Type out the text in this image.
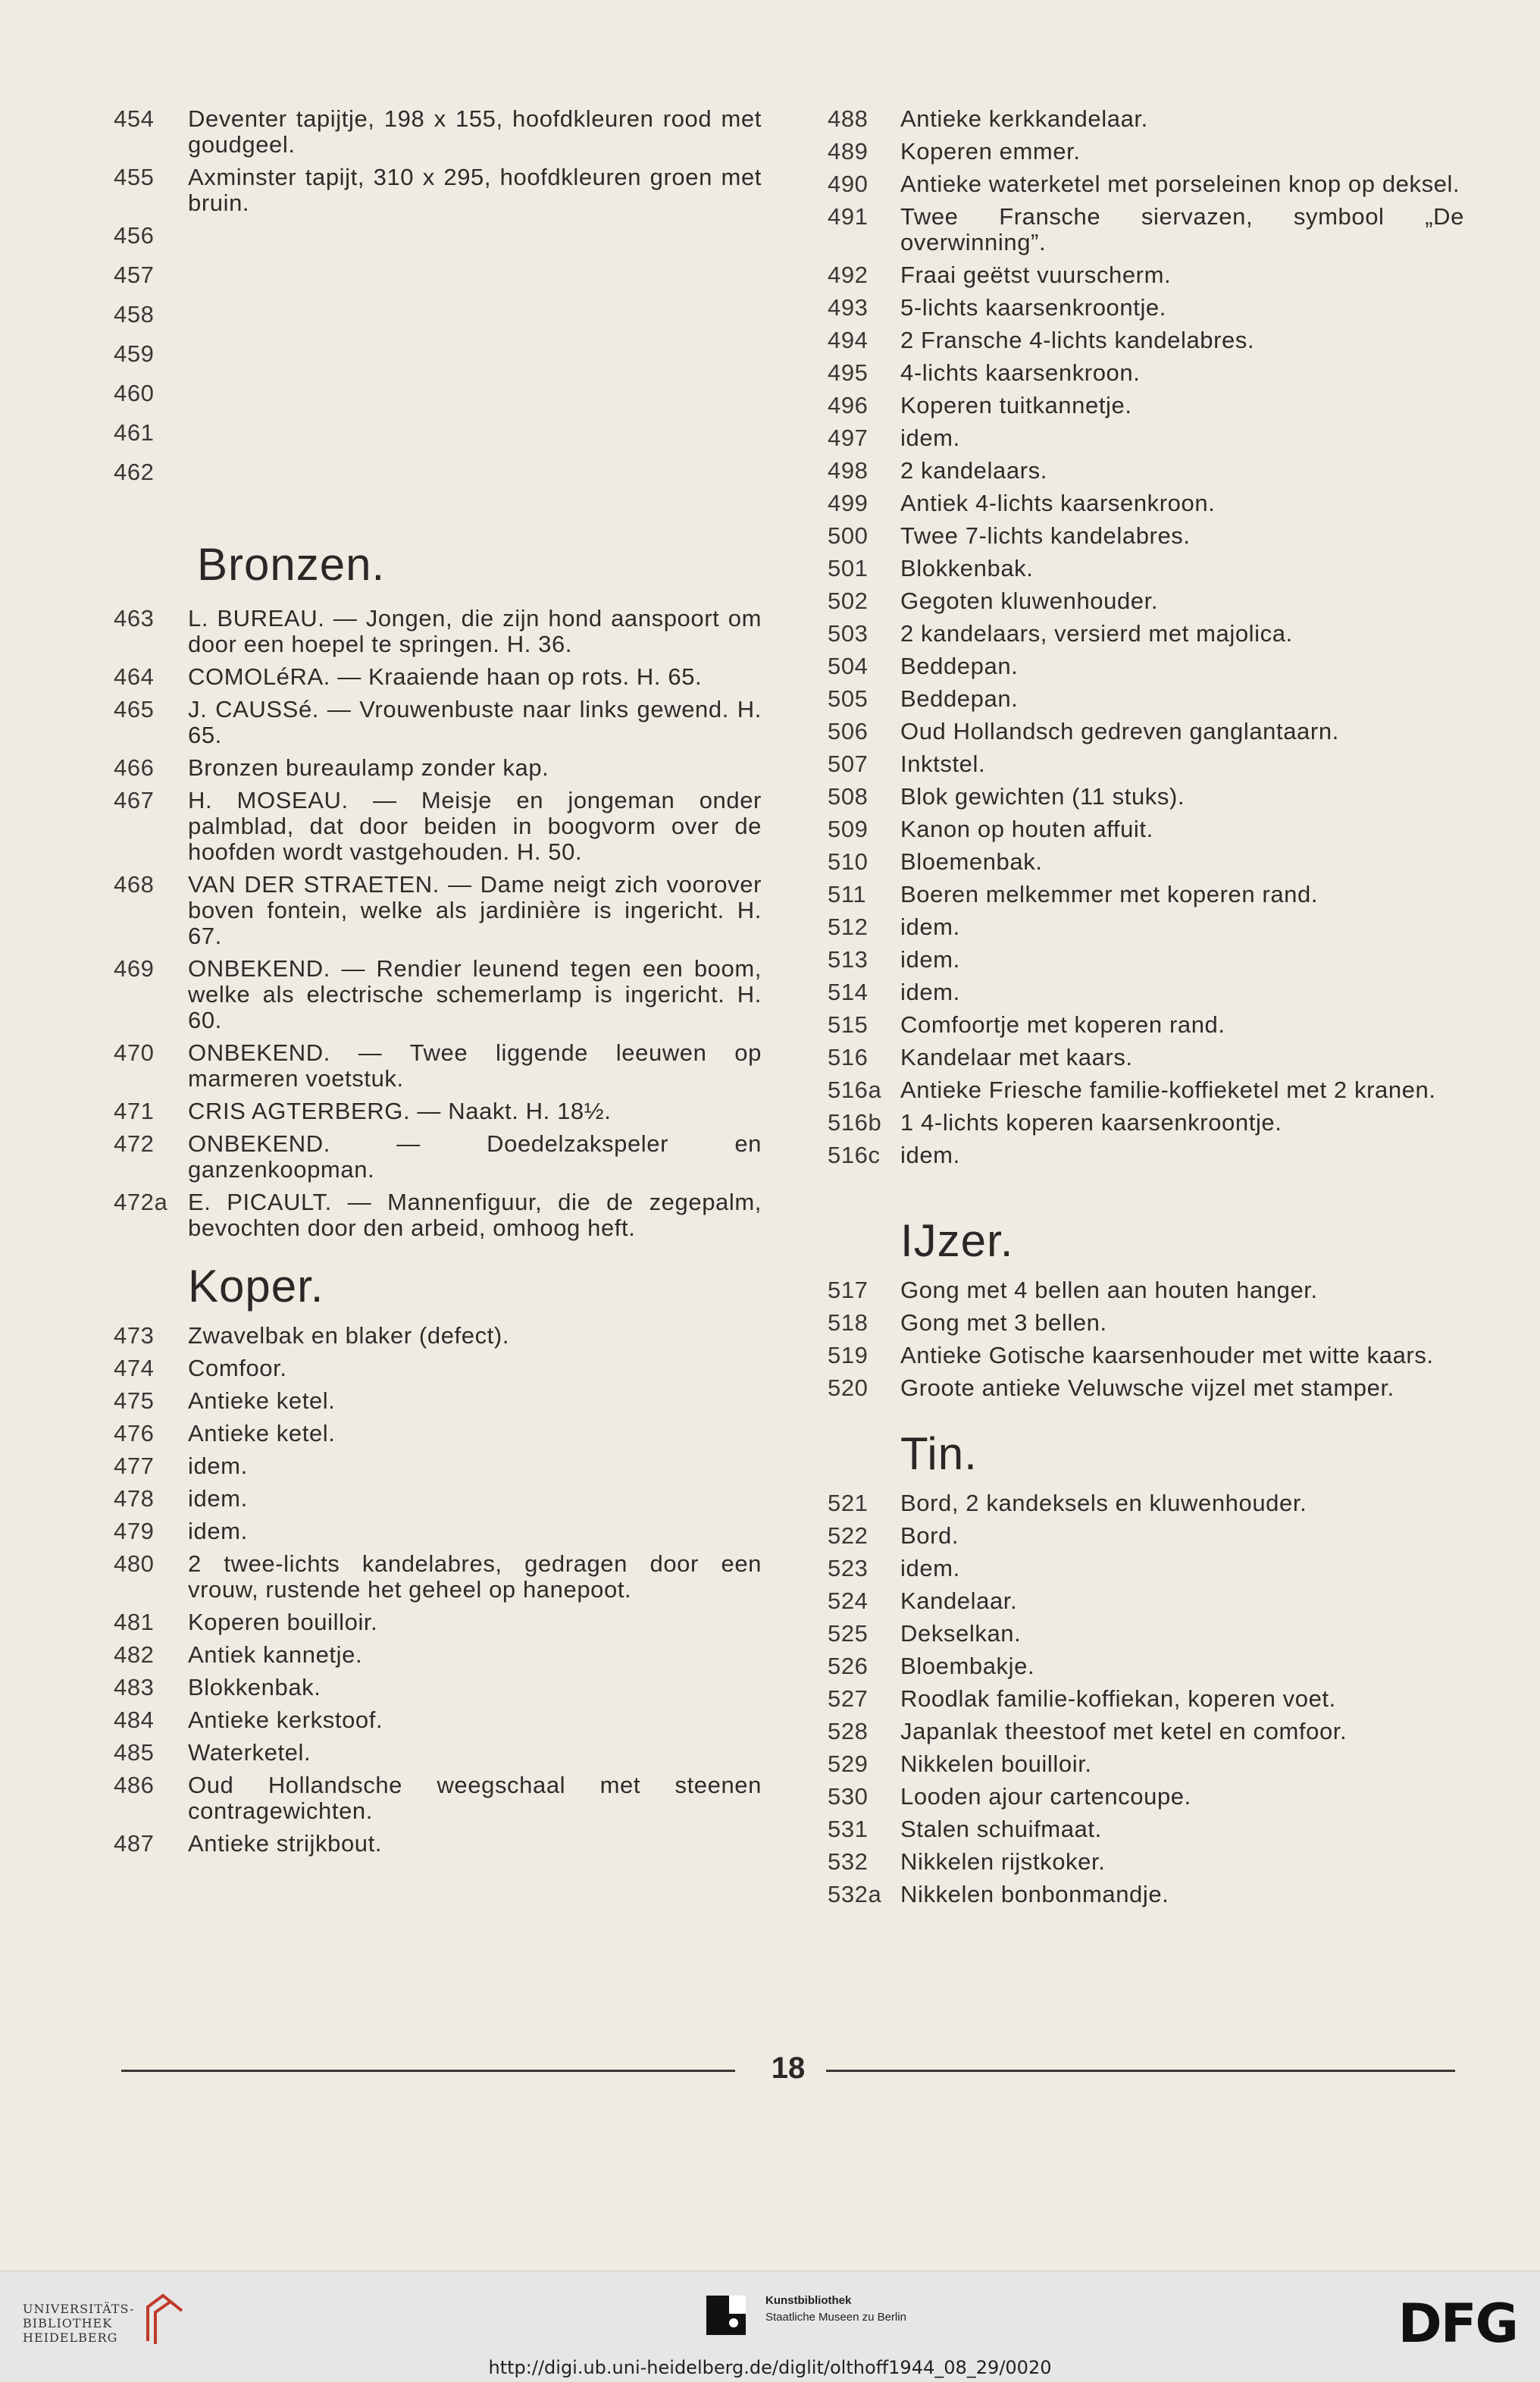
454	Deventer tapijtje, 198 x 155, hoofdkleuren rood met goudgeel.
455	Axminster tapijt, 310 x 295, hoofdkleuren groen met bruin.
456
457
458
459
460
461
462
Bronzen.
463	L. BUREAU. — Jongen, die zijn hond aanspoort om door een hoepel te springen. H. 36.
464	COMOLéRA. — Kraaiende haan op rots. H. 65.
465	J. CAUSSé. — Vrouwenbuste naar links gewend. H. 65.
466	Bronzen bureaulamp zonder kap.
467	H. MOSEAU. — Meisje en jongeman onder palmblad, dat door beiden in boogvorm over de hoofden wordt vastgehouden. H. 50.
468	VAN DER STRAETEN. — Dame neigt zich voorover boven fontein, welke als jardinière is ingericht. H. 67.
469	ONBEKEND. — Rendier leunend tegen een boom, welke als electrische schemerlamp is ingericht. H. 60.
470	ONBEKEND. — Twee liggende leeuwen op marmeren voetstuk.
471	CRIS AGTERBERG. — Naakt. H. 18½.
472	ONBEKEND. — Doedelzakspeler en ganzenkoopman.
472a E. PICAULT. — Mannenfiguur, die de zegepalm, bevochten door den arbeid, omhoog heft.
Koper.
473	Zwavelbak en blaker (defect).
474	Comfoor.
475	Antieke ketel.
476	Antieke ketel.
477	idem.
478	idem.
479	idem.
480	2 twee-lichts kandelabres, gedragen door een vrouw, rustende het geheel op hanepoot.
481	Koperen bouilloir.
482	Antiek kannetje.
483	Blokkenbak.
484	Antieke kerkstoof.
485	Waterketel.
486	Oud Hollandsche weegschaal met steenen contragewichten.
487	Antieke strijkbout.
488	Antieke kerkkandelaar.
489	Koperen emmer.
490	Antieke waterketel met porseleinen knop op deksel.
491	Twee Fransche siervazen, symbool „De overwinning”.
492	Fraai geëtst vuurscherm.
493	5-lichts kaarsenkroontje.
494	2 Fransche 4-lichts kandelabres.
495	4-lichts kaarsenkroon.
496	Koperen tuitkannetje.
497	idem.
498	2 kandelaars.
499	Antiek 4-lichts kaarsenkroon.
500	Twee 7-lichts kandelabres.
501	Blokkenbak.
502	Gegoten kluwenhouder.
503	2 kandelaars, versierd met majolica.
504	Beddepan.
505	Beddepan.
506	Oud Hollandsch gedreven ganglantaarn.
507	Inktstel.
508	Blok gewichten (11 stuks).
509	Kanon op houten affuit.
510	Bloemenbak.
511	Boeren melkemmer met koperen rand.
512	idem.
513	idem.
514	idem.
515	Comfoortje met koperen rand.
516	Kandelaar met kaars.
516a Antieke Friesche familie-koffieketel met 2 kranen.
516b 1 4-lichts koperen kaarsenkroontje.
516c idem.
IJzer.
517	Gong met 4 bellen aan houten hanger.
518	Gong met 3 bellen.
519	Antieke Gotische kaarsenhouder met witte kaars.
520	Groote antieke Veluwsche vijzel met stamper.
Tin.
521	Bord, 2 kandeksels en kluwenhouder.
522	Bord.
523	idem.
524	Kandelaar.
525	Dekselkan.
526	Bloembakje.
527	Roodlak familie-koffiekan, koperen voet.
528	Japanlak theestoof met ketel en comfoor.
529	Nikkelen bouilloir.
530	Looden ajour cartencoupe.
531	Stalen schuifmaat.
532	Nikkelen rijstkoker.
532a Nikkelen bonbonmandje.
18
UNIVERSITÄTS-
BIBLIOTHEK
HEIDELBERG
Kunstbibliothek
Staatliche Museen zu Berlin	DFG
http://digi.ub.uni-heidelberg.de/diglit/olthoff1944_08_29/0020
